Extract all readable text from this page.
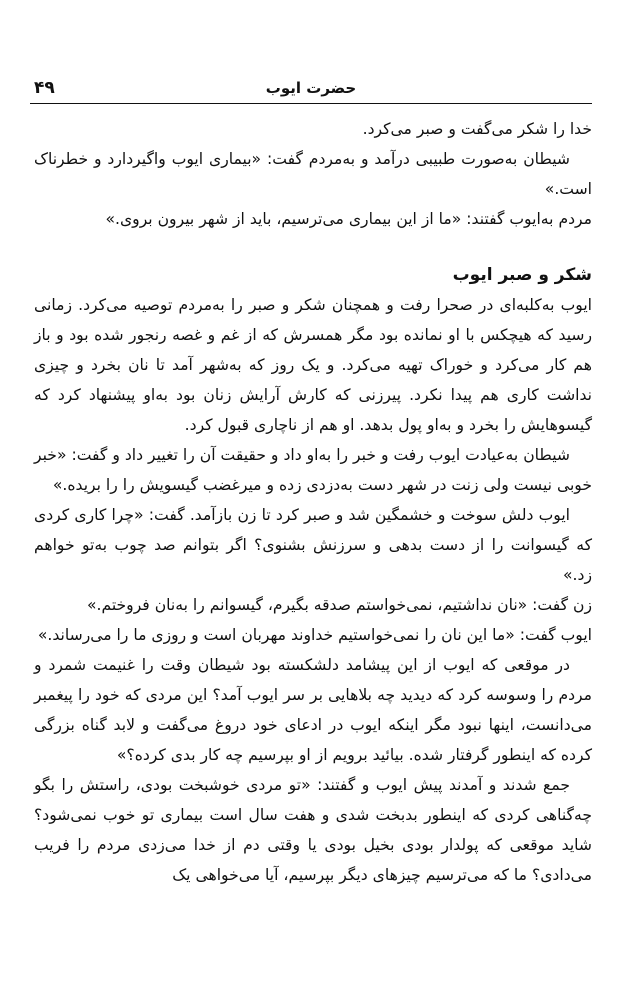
۴۹	حضرت ایوب

خدا را شکر می‌گفت و صبر می‌کرد.

شیطان به‌صورت طبیبی درآمد و به‌مردم گفت: «بیماری ایوب واگیردارد و خطرناک است.»

مردم به‌ایوب گفتند: «ما از این بیماری می‌ترسیم، باید از شهر بیرون بروی.»

شکر و صبر ایوب

ایوب به‌کلبه‌ای در صحرا رفت و همچنان شکر و صبر را به‌مردم توصیه می‌کرد. زمانی رسید که هیچکس با او نمانده بود مگر همسرش که از غم و غصه رنجور شده بود و باز هم کار می‌کرد و خوراک تهیه می‌کرد. و یک روز که به‌شهر آمد تا نان بخرد و چیزی نداشت کاری هم پیدا نکرد. پیرزنی که کارش آرایش زنان بود به‌او پیشنهاد کرد که گیسوهایش را بخرد و به‌او پول بدهد. او هم از ناچاری قبول کرد.

شیطان به‌عیادت ایوب رفت و خبر را به‌او داد و حقیقت آن را تغییر داد و گفت: «خبر خوبی نیست ولی زنت در شهر دست به‌دزدی زده و میرغضب گیسویش را را بریده.»

ایوب دلش سوخت و خشمگین شد و صبر کرد تا زن بازآمد. گفت: «چرا کاری کردی که گیسوانت را از دست بدهی و سرزنش بشنوی؟ اگر بتوانم صد چوب به‌تو خواهم زد.»

زن گفت: «نان نداشتیم، نمی‌خواستم صدقه بگیرم، گیسوانم را به‌نان فروختم.»

ایوب گفت: «ما این نان را نمی‌خواستیم خداوند مهربان است و روزی ما را می‌رساند.»

در موقعی که ایوب از این پیشامد دلشکسته بود شیطان وقت را غنیمت شمرد و مردم را وسوسه کرد که دیدید چه بلاهایی بر سر ایوب آمد؟ این مردی که خود را پیغمبر می‌دانست، اینها نبود مگر اینکه ایوب در ادعای خود دروغ می‌گفت و لابد گناه بزرگی کرده که اینطور گرفتار شده. بیائید برویم از او بپرسیم چه کار بدی کرده؟»

جمع شدند و آمدند پیش ایوب و گفتند: «تو مردی خوشبخت بودی، راستش را بگو چه‌گناهی کردی که اینطور بدبخت شدی و هفت سال است بیماری تو خوب نمی‌شود؟ شاید موقعی که پولدار بودی بخیل بودی یا وقتی دم از خدا می‌زدی مردم را فریب می‌دادی؟ ما که می‌ترسیم چیزهای دیگر بپرسیم، آیا می‌خواهی یک
